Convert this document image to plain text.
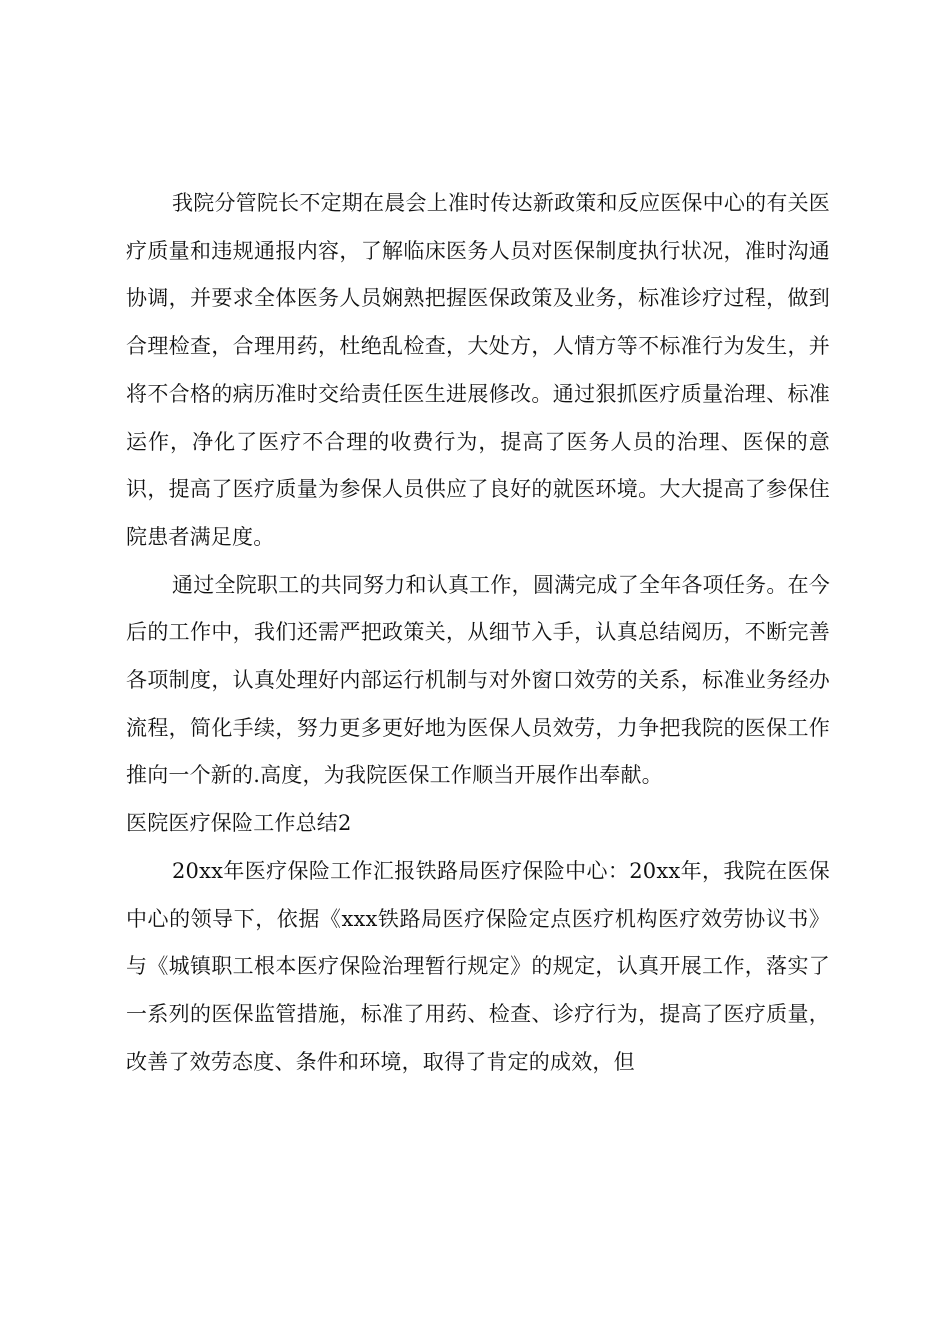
我院分管院长不定期在晨会上准时传达新政策和反应医保中心的有关医疗质量和违规通报内容，了解临床医务人员对医保制度执行状况，准时沟通协调，并要求全体医务人员娴熟把握医保政策及业务，标准诊疗过程，做到合理检查，合理用药，杜绝乱检查，大处方，人情方等不标准行为发生，并将不合格的病历准时交给责任医生进展修改。通过狠抓医疗质量治理、标准运作，净化了医疗不合理的收费行为，提高了医务人员的治理、医保的意识，提高了医疗质量为参保人员供应了良好的就医环境。大大提高了参保住院患者满足度。

通过全院职工的共同努力和认真工作，圆满完成了全年各项任务。在今后的工作中，我们还需严把政策关，从细节入手，认真总结阅历，不断完善各项制度，认真处理好内部运行机制与对外窗口效劳的关系，标准业务经办流程，简化手续，努力更多更好地为医保人员效劳，力争把我院的医保工作推向一个新的.高度，为我院医保工作顺当开展作出奉献。

医院医疗保险工作总结2

20xx年医疗保险工作汇报铁路局医疗保险中心：20xx年，我院在医保中心的领导下，依据《xxx铁路局医疗保险定点医疗机构医疗效劳协议书》与《城镇职工根本医疗保险治理暂行规定》的规定，认真开展工作，落实了一系列的医保监管措施，标准了用药、检查、诊疗行为，提高了医疗质量，改善了效劳态度、条件和环境，取得了肯定的成效，但
